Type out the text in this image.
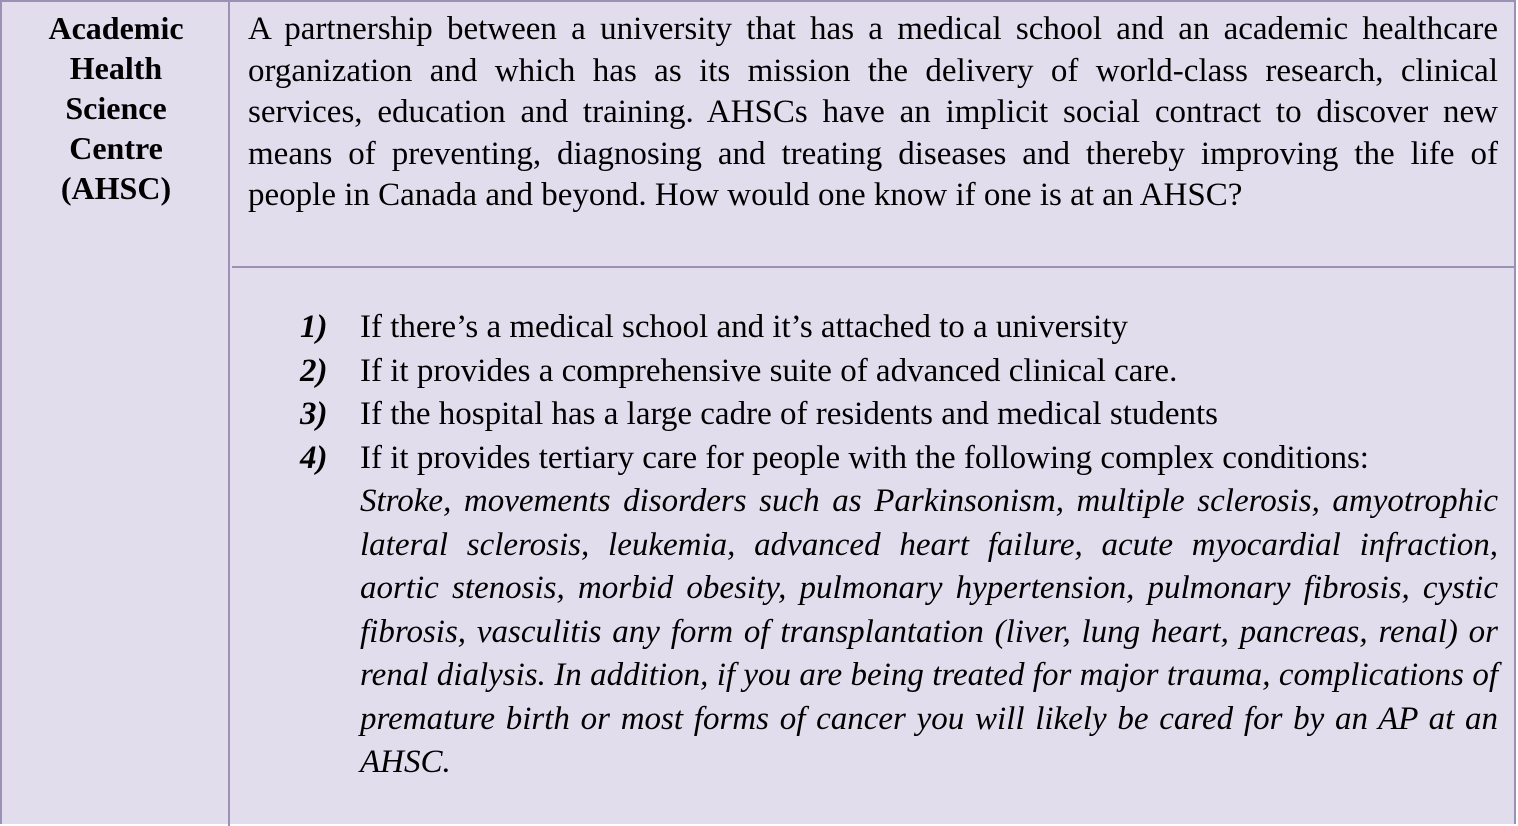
Academic
Health
Science
Centre
(AHSC)
A partnership between a university that has a medical school and an academic healthcare organization and which has as its mission the delivery of world-class research, clinical services, education and training. AHSCs have an implicit social contract to discover new means of preventing, diagnosing and treating diseases and thereby improving the life of people in Canada and beyond. How would one know if one is at an AHSC?
1) If there’s a medical school and it’s attached to a university
2) If it provides a comprehensive suite of advanced clinical care.
3) If the hospital has a large cadre of residents and medical students
4) If it provides tertiary care for people with the following complex conditions:
Stroke, movements disorders such as Parkinsonism, multiple sclerosis, amyotrophic lateral sclerosis, leukemia, advanced heart failure, acute myocardial infraction, aortic stenosis, morbid obesity, pulmonary hypertension, pulmonary fibrosis, cystic fibrosis, vasculitis any form of transplantation (liver, lung heart, pancreas, renal) or renal dialysis. In addition, if you are being treated for major trauma, complications of premature birth or most forms of cancer you will likely be cared for by an AP at an AHSC.
